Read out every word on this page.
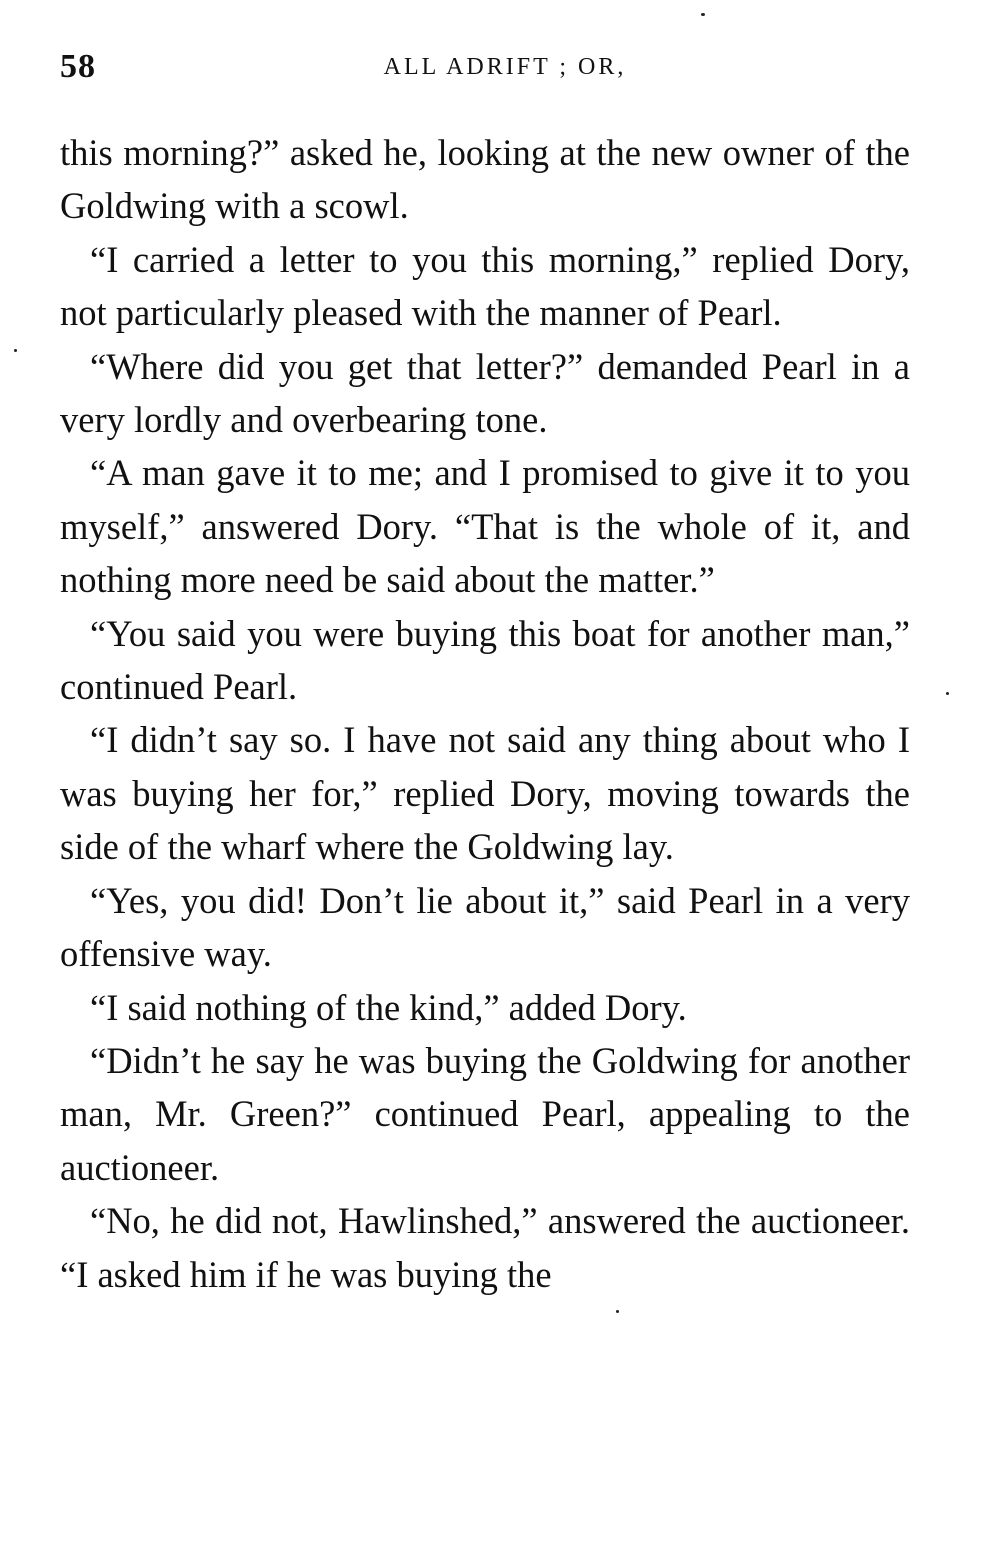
58	ALL ADRIFT ; OR,

this morning?” asked he, looking at the new owner of the Goldwing with a scowl.

“I carried a letter to you this morning,” replied Dory, not particularly pleased with the manner of Pearl.

“Where did you get that letter?” demanded Pearl in a very lordly and overbearing tone.

“A man gave it to me; and I promised to give it to you myself,” answered Dory. “That is the whole of it, and nothing more need be said about the matter.”

“You said you were buying this boat for another man,” continued Pearl.

“I didn’t say so. I have not said any thing about who I was buying her for,” replied Dory, moving towards the side of the wharf where the Goldwing lay.

“Yes, you did! Don’t lie about it,” said Pearl in a very offensive way.

“I said nothing of the kind,” added Dory.

“Didn’t he say he was buying the Goldwing for another man, Mr. Green?” continued Pearl, appealing to the auctioneer.

“No, he did not, Hawlinshed,” answered the auctioneer. “I asked him if he was buying the
